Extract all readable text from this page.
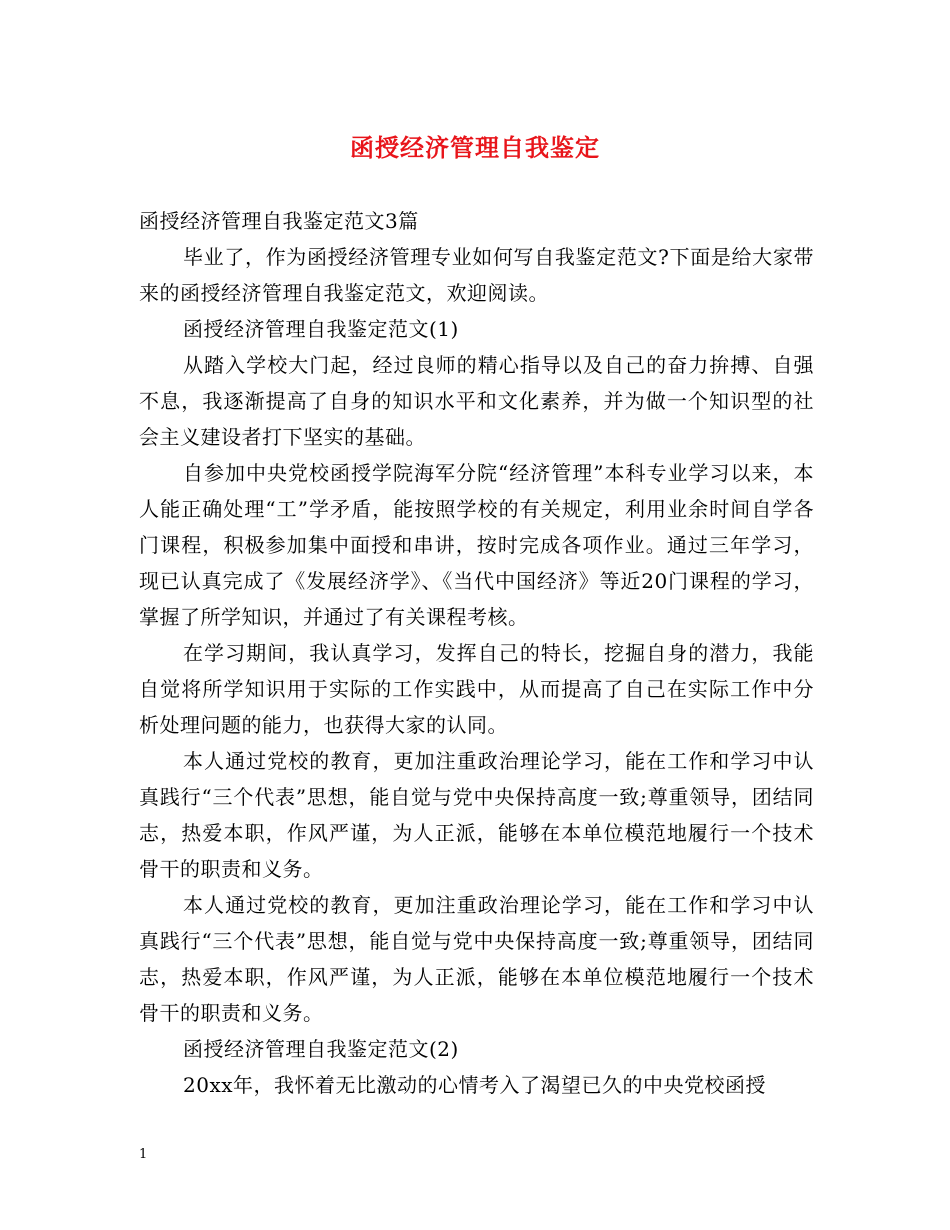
函授经济管理自我鉴定

函授经济管理自我鉴定范文3篇

毕业了，作为函授经济管理专业如何写自我鉴定范文?下面是给大家带来的函授经济管理自我鉴定范文，欢迎阅读。

函授经济管理自我鉴定范文(1)

从踏入学校大门起，经过良师的精心指导以及自己的奋力拚搏、自强不息，我逐渐提高了自身的知识水平和文化素养，并为做一个知识型的社会主义建设者打下坚实的基础。

自参加中央党校函授学院海军分院“经济管理”本科专业学习以来，本人能正确处理“工”学矛盾，能按照学校的有关规定，利用业余时间自学各门课程，积极参加集中面授和串讲，按时完成各项作业。通过三年学习，现已认真完成了《发展经济学》、《当代中国经济》等近20门课程的学习，掌握了所学知识，并通过了有关课程考核。

在学习期间，我认真学习，发挥自己的特长，挖掘自身的潜力，我能自觉将所学知识用于实际的工作实践中，从而提高了自己在实际工作中分析处理问题的能力，也获得大家的认同。

本人通过党校的教育，更加注重政治理论学习，能在工作和学习中认真践行“三个代表”思想，能自觉与党中央保持高度一致;尊重领导，团结同志，热爱本职，作风严谨，为人正派，能够在本单位模范地履行一个技术骨干的职责和义务。

本人通过党校的教育，更加注重政治理论学习，能在工作和学习中认真践行“三个代表”思想，能自觉与党中央保持高度一致;尊重领导，团结同志，热爱本职，作风严谨，为人正派，能够在本单位模范地履行一个技术骨干的职责和义务。

函授经济管理自我鉴定范文(2)

20xx年，我怀着无比激动的心情考入了渴望已久的中央党校函授

1
